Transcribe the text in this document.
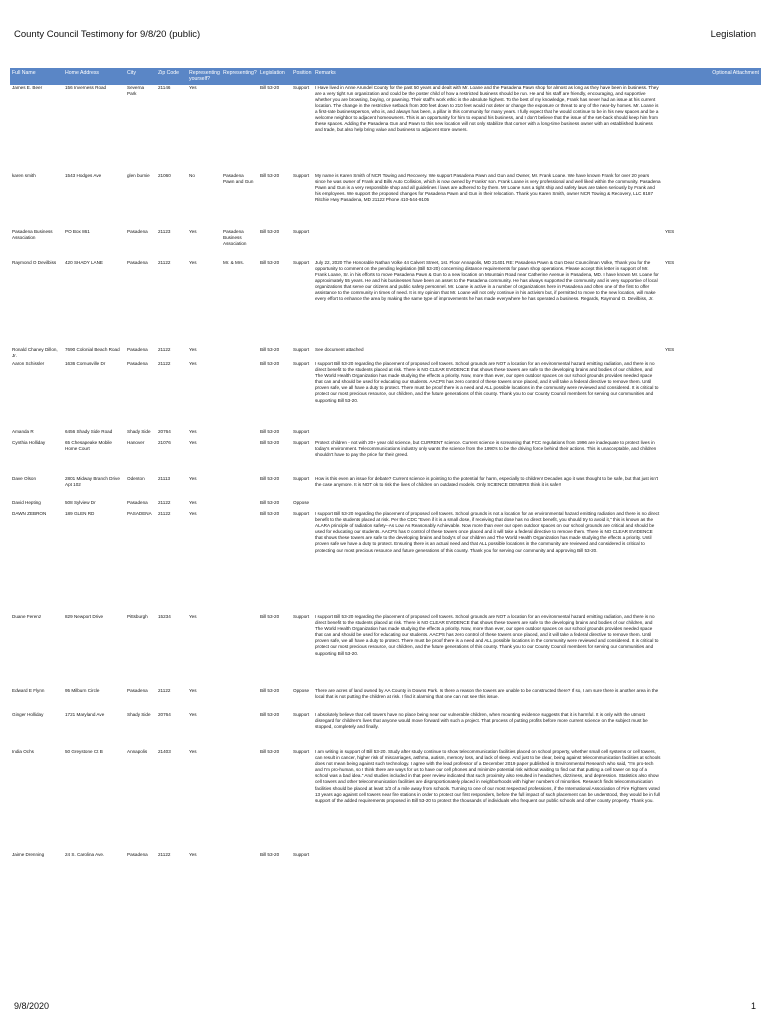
County Council Testimony for 9/8/20 (public)	Legislation
Full Name	Home Address	City	Zip Code	Representing yourself?	Representing?	Legislation	Position	Remarks	Optional Attachment
James E. Beer	156 Inverness Road	Severna Park	21146	Yes		Bill 53-20	Support	I Have lived in Anne Arundel County for the past 50 years and dealt with Mr. Loane and the Pasadena Pawn shop for almost as long as they have been in business. They are a very tight run organization and could be the poster child of how a restricted business should be run. He and his staff are friendly, encouraging, and supportive whether you are browsing, buying, or pawning. Their staff's work ethic is the absolute highest. To the best of my knowledge, Frank has never had an issue at his current location. The change in the restrictive setback from 300 feet down to 210 feet would not deter or change the exposure or threat to any of the near-by homes. Mr. Loane is a first-rate businessperson, who is, and always has been, a pillar in this community for many years. I fully expect that he would continue to be in his new spaces and be a welcome neighbor to adjacent homeowners. This is an opportunity for him to expand his business, and I don't believe that the issue of the set-back should keep him from these spaces. Adding the Pasadena Gun and Pawn to this new location will not only stabilize that corner with a long-time business owner with an established business and trade, but also help bring value and business to adjacent store owners.	
karen smith	1543 Hodges Ave	glen burnie	21060	No	Pasadena Pawn and Gun	Bill 53-20	Support	My name is Karen Smith of NCR Towing and Recovery. We support Pasadena Pawn and Gun and Owner, Mr. Frank Loane. We have known Frank for over 20 years since he was owner of Frank and Bills Auto Collision, which is now owned by Franks' son. Frank Loane is very professional and well liked within the community. Pasadena Pawn and Gun is a very responsible shop and all guidelines / laws are adhered to by them. Mr Loane runs a tight ship and safety laws are taken seriously by Frank and his employees. We support the proposed changes for Pasadena Pawn and Gun in their relocation. Thank you Karen Smith, owner NCR Towing & Recovery, LLC 8187 Ritchie Hwy Pasadena, MD 21122 Phone 410-544-9105	
Pasadena Business Association	PO Box 861	Pasadena	21123	Yes	Pasadena Business Association	Bill 53-20	Support		YES
Raymond O Devilbiss	420 SHADY LANE	Pasadena	21122	Yes	Mr. & Mrs.	Bill 53-20	Support	July 22, 2020 The Honorable Nathan Volke 44 Calvert Street, 1st. Floor Annapolis, MD 21401 RE: Pasadena Pawn & Gun Dear Councilman Volke, Thank you for the opportunity to comment on the pending legislation (Bill 53-20) concerning distance requirements for pawn shop operations. Please accept this letter in support of Mr. Frank Loane, Sr. in his efforts to move Pasadena Pawn & Gun to a new location on Mountain Road near Catherine Avenue in Pasadena, MD. I have known Mr. Loane for approximately 55 years. He and his businesses have been an asset to the Pasadena community. He has always supported the community and is very supportive of local organizations that serve our citizens and public safety personnel. Mr. Loane is active in a number of organizations here in Pasadena and often one of the first to offer assistance to the community in times of need. It is my opinion that Mr. Loane will not only continue in his activism but, if permitted to move to the new location, will make every effort to enhance the area by making the same type of improvements he has made everywhere he has operated a business. Regards, Raymond O. Devilbiss, Jr.	YES
Ronald Chaney Dillon, Jr.	7690 Colonial Beach Road	Pasadena	21122	Yes		Bill 53-20	Support	See document attached	YES
Aaron Schissler	1636 Cornusville Dr	Pasadena	21122	Yes		Bill 53-20	Support	I support Bill 53-20 regarding the placement of proposed cell towers. School grounds are NOT a location for an environmental hazard emitting radiation, and there is no direct benefit to the students placed at risk. There is NO CLEAR EVIDENCE that shows these towers are safe to the developing brains and bodies of our children, and The World Health Organization has made studying the effects a priority. Now, more than ever, our open outdoor spaces on our school grounds provides needed space that can and should be used for educating our students. AACPS has zero control of these towers once placed, and it will take a federal directive to remove them. Until proven safe, we all have a duty to protect. There must be proof there is a need and ALL possible locations in the community were reviewed and considered. It is critical to protect our most precious resource, our children, and the future generations of this county. Thank you to our County Council members for serving our communities and supporting Bill 53-20.	
Amanda R	6456 Shady Side Road	Shady Side	20764	Yes		Bill 53-20	Support		
Cynthia Holliday	65 Chesapeake Mobile Home Court	Hanover	21076	Yes		Bill 53-20	Support	Protect children - not with 20+ year old science, but CURRENT science. Current science is screaming that FCC regulations from 1996 are inadequate to protect lives in today's environment. Telecommunications industry only wants the science from the 1990's to be the driving force behind their actions. This is unacceptable, and children shouldn't have to pay the price for their greed.	
Dave Olson	2801 Midway Branch Drive Apt 102	Odenton	21113	Yes		Bill 53-20	Support	How is this even an issue for debate? Current science is pointing to the potential for harm, especially to children! Decades ago it was thought to be safe, but that just isn't the case anymore. It is NOT ok to risk the lives of children on outdated models. Only SCIENCE DENIERS think it is safe!!	
David Hepting	508 Sylview Dr	Pasadena	21122	Yes		Bill 53-20	Oppose		
DAWN ZEBRON	189 GLEN RD	PASADENA	21122	Yes		Bill 53-20	Support	I support Bill 53-20 regarding the placement of proposed cell towers. School grounds is not a location for an environmental hazard emitting radiation and there is no direct benefit to the students placed at risk. Per the CDC "Even if it is a small dose, if receiving that dose has no direct benefit, you should try to avoid it," this is known as the ALARA principle of radiation safety--As Low As Reasonably Achievable. Now more than ever our open outdoor spaces on our school grounds are critical and should be used for educating our students. AACPS has 0 control of these towers once placed and it will take a federal directive to remove them. There is NO CLEAR EVIDENCE that shows these towers are safe to the developing brains and body's of our children and The World Health Organization has made studying the effects a priority. Until proven safe we have a duty to protect. Ensuring there is an actual need and that ALL possible locations in the community are reviewed and considered is critical to protecting our most precious resource and future generations of this county. Thank you for serving our community and approving Bill 53-20.	
Duane Ferenz	829 Newport Drive	Pittsburgh	15234	Yes		Bill 53-20	Support	I support Bill 53-20 regarding the placement of proposed cell towers. School grounds are NOT a location for an environmental hazard emitting radiation, and there is no direct benefit to the students placed at risk. There is NO CLEAR EVIDENCE that shows these towers are safe to the developing brains and bodies of our children, and The World Health Organization has made studying the effects a priority. Now, more than ever, our open outdoor spaces on our school grounds provides needed space that can and should be used for educating our students. AACPS has zero control of these towers once placed, and it will take a federal directive to remove them. Until proven safe, we all have a duty to protect. There must be proof there is a need and ALL possible locations in the community were reviewed and considered. It is critical to protect our most precious resource, our children, and the future generations of this county. Thank you to our County Council members for serving our communities and supporting Bill 53-20.	
Edward E Flynn	95 Milburn Circle	Pasadena	21122	Yes		Bill 53-20	Oppose	There are acres of land owned by AA County in Downs Park. Is there a reason the towers are unable to be constructed there? If so, I am sure there is another area in the local that is not putting the children at risk. I find it alarming that one can not see this issue.	
Ginger Holliday	1721 Maryland Ave	Shady Side	20764	Yes		Bill 53-20	Support	I absolutely believe that cell towers have no place being near our vulnerable children, when mounting evidence suggests that it is harmful. It is only with the utmost disregard for children's lives that anyone would move forward with such a project. That process of putting profits before more current science on the subject must be stopped, completely and finally.	
India Ochs	50 Greystone Ct B	Annapolis	21403	Yes		Bill 53-20	Support	I am writing in support of Bill 53-20. Study after study continue to show telecommunication facilities placed on school property, whether small cell systems or cell towers, can result in cancer, higher risk of miscarriages, asthma, autism, memory loss, and lack of sleep. And just to be clear, being against telecommunication facilities at schools does not mean being against such technology. I agree with the lead professor of a December 2019 paper published in Environmental Research who said, "I'm pro-tech and I'm pro-human, so I think there are ways for us to have our cell phones and minimize potential risk without waiting to find out that putting a cell tower on top of a school was a bad idea." And studies included in that peer review indicated that such proximity also resulted in headaches, dizziness, and depression. Statistics also show cell towers and other telecommunication facilities are disproportionately placed in neighborhoods with higher numbers of minorities. Research finds telecommunication facilities should be placed at least 1/3 of a mile away from schools. Turning to one of our most respected professions, if the International Association of Fire Fighters voted 13 years ago against cell towers near fire stations in order to protect our first responders, before the full impact of such placement can be understood, they would be in full support of the added requirements proposed in Bill 53-20 to protect the thousands of individuals who frequent our public schools and other county property. Thank you.	
Jaime Drenning	24 S. Carolina Ave.	Pasadena	21122	Yes		Bill 53-20	Support		
9/8/2020	1
